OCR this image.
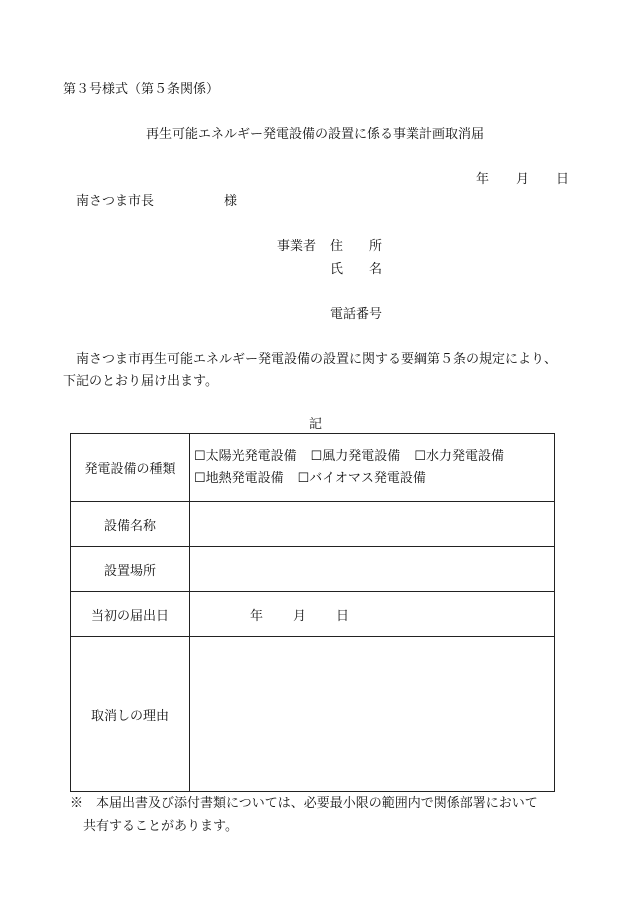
第３号様式（第５条関係）
再生可能エネルギー発電設備の設置に係る事業計画取消届
年 月 日
南さつま市長	様
事業者 住　　所
氏　　名
電話番号
南さつま市再生可能エネルギー発電設備の設置に関する要綱第５条の規定により、
下記のとおり届け出ます。
記
発電設備の種類	☐太陽光発電設備 ☐風力発電設備 ☐水力発電設備
☐地熱発電設備 ☐バイオマス発電設備

設備名称	
設置場所	
当初の届出日	年 月 日
取消しの理由	
※　本届出書及び添付書類については、必要最小限の範囲内で関係部署において
共有することがあります。
